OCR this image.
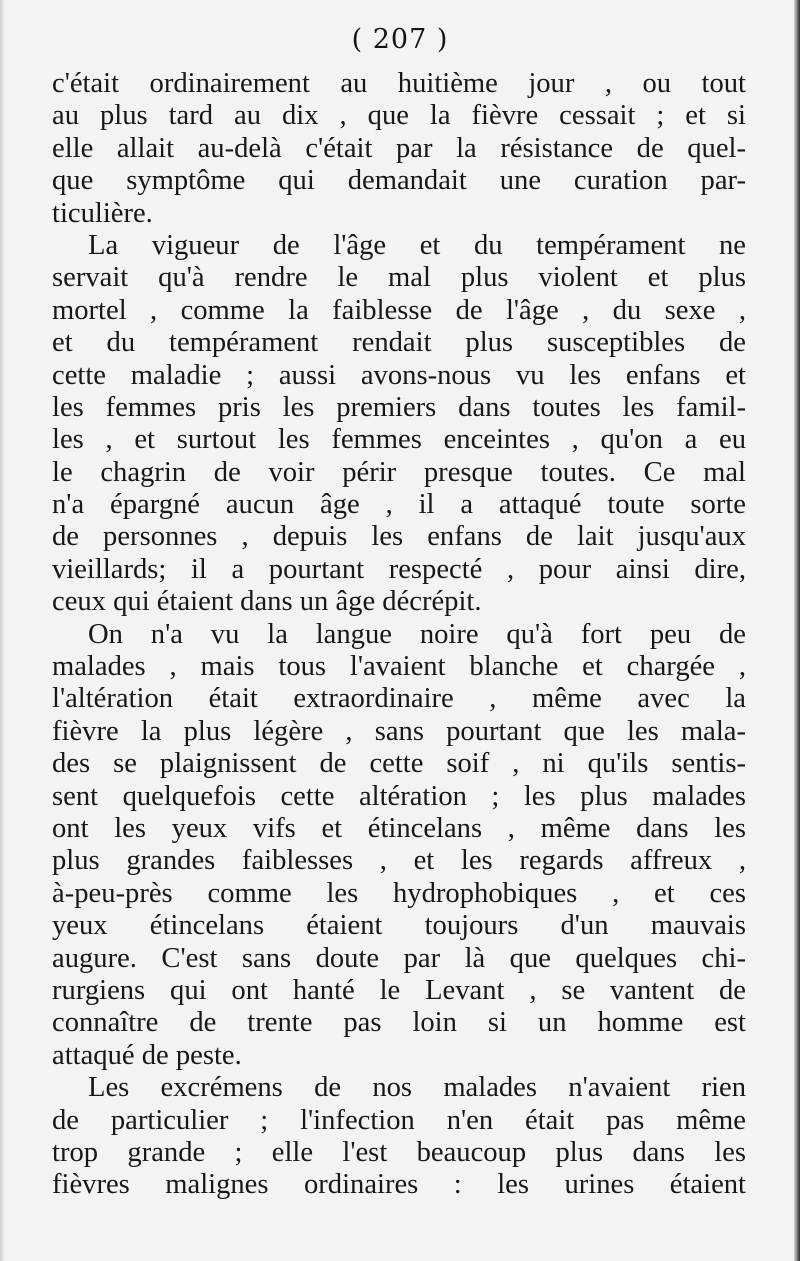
( 207 )
c'était ordinairement au huitième jour , ou tout
au plus tard au dix , que la fièvre cessait ; et si
elle allait au-delà c'était par la résistance de quel-
que symptôme qui demandait une curation par-
ticulière.
La vigueur de l'âge et du tempérament ne
servait qu'à rendre le mal plus violent et plus
mortel , comme la faiblesse de l'âge , du sexe ,
et du tempérament rendait plus susceptibles de
cette maladie ; aussi avons-nous vu les enfans et
les femmes pris les premiers dans toutes les famil-
les , et surtout les femmes enceintes , qu'on a eu
le chagrin de voir périr presque toutes. Ce mal
n'a épargné aucun âge , il a attaqué toute sorte
de personnes , depuis les enfans de lait jusqu'aux
vieillards; il a pourtant respecté , pour ainsi dire,
ceux qui étaient dans un âge décrépit.
On n'a vu la langue noire qu'à fort peu de
malades , mais tous l'avaient blanche et chargée ,
l'altération était extraordinaire , même avec la
fièvre la plus légère , sans pourtant que les mala-
des se plaignissent de cette soif , ni qu'ils sentis-
sent quelquefois cette altération ; les plus malades
ont les yeux vifs et étincelans , même dans les
plus grandes faiblesses , et les regards affreux ,
à-peu-près comme les hydrophobiques , et ces
yeux étincelans étaient toujours d'un mauvais
augure. C'est sans doute par là que quelques chi-
rurgiens qui ont hanté le Levant , se vantent de
connaître de trente pas loin si un homme est
attaqué de peste.
Les excrémens de nos malades n'avaient rien
de particulier ; l'infection n'en était pas même
trop grande ; elle l'est beaucoup plus dans les
fièvres malignes ordinaires : les urines étaient
